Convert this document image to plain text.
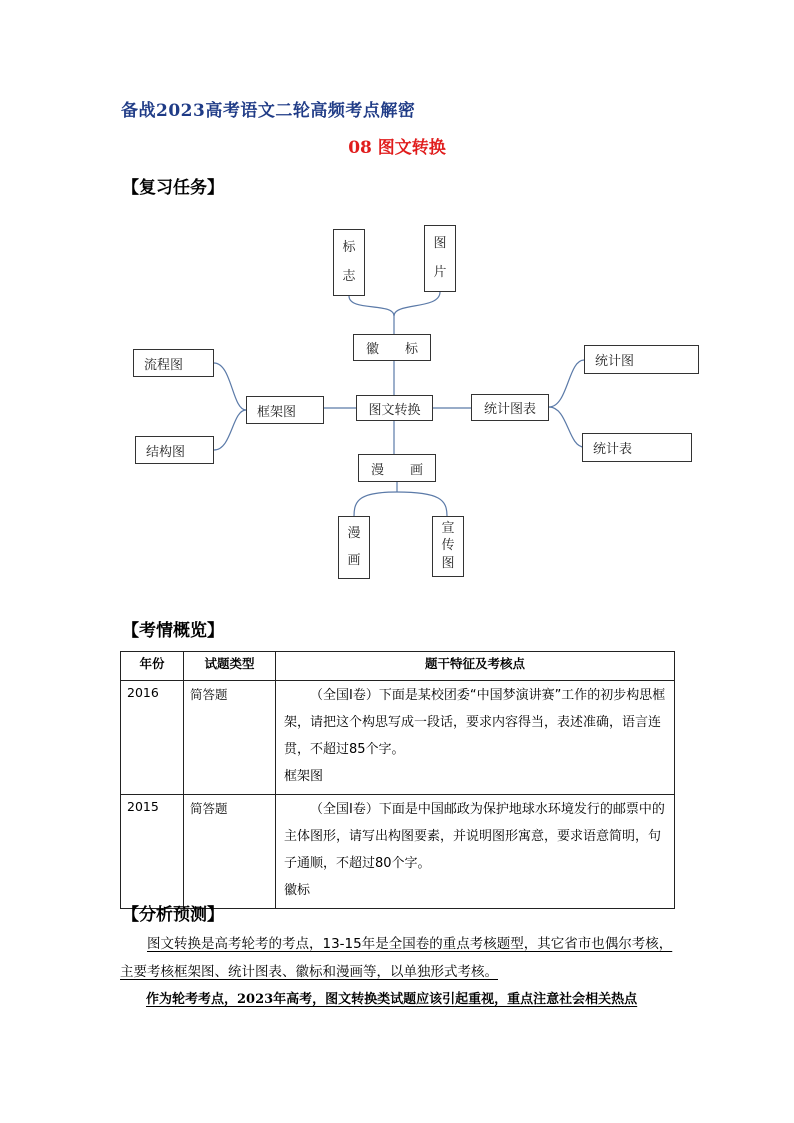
备战2023高考语文二轮高频考点解密
08 图文转换
【复习任务】
标
志
图
片
徽　　标
流程图
框架图
结构图
图文转换	统计图表
统计图
统计表
漫　　画
漫
画
宣
传
图
【考情概览】
年份	试题类型	题干特征及考核点
2016	简答题	（全国Ⅰ卷）下面是某校团委“中国梦演讲赛”工作的初步构思框架，请把这个构思写成一段话，要求内容得当，表述准确，语言连贯，不超过85个字。
框架图

2015	简答题	（全国Ⅰ卷）下面是中国邮政为保护地球水环境发行的邮票中的主体图形，请写出构图要素，并说明图形寓意，要求语意简明，句子通顺，不超过80个字。
徽标
【分析预测】
图文转换是高考轮考的考点，13-15年是全国卷的重点考核题型，其它省市也偶尔考核，主要考核框架图、统计图表、徽标和漫画等，以单独形式考核。
作为轮考考点，2023年高考，图文转换类试题应该引起重视，重点注意社会相关热点
